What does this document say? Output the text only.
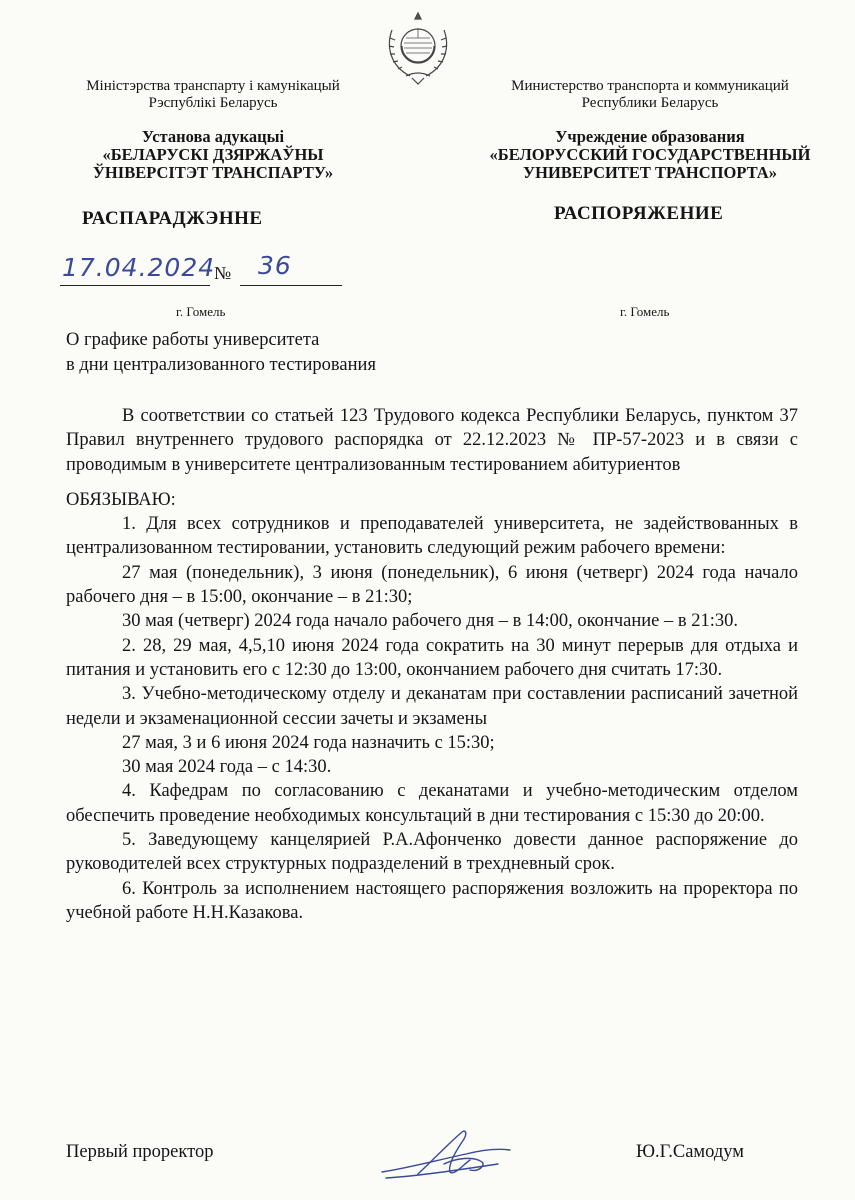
Міністэрства транспарту і камунікацый
Рэспублікі Беларусь
Установа адукацыі
«БЕЛАРУСКІ ДЗЯРЖАЎНЫ
ЎНІВЕРСІТЭТ ТРАНСПАРТУ»
РАСПАРАДЖЭННЕ
Министерство транспорта и коммуникаций
Республики Беларусь
Учреждение образования
«БЕЛОРУССКИЙ ГОСУДАРСТВЕННЫЙ
УНИВЕРСИТЕТ ТРАНСПОРТА»
РАСПОРЯЖЕНИЕ
17.04.2024
№ 36
г. Гомель	г. Гомель
О графике работы университета
в дни централизованного тестирования

В соответствии со статьей 123 Трудового кодекса Республики Беларусь, пунктом 37 Правил внутреннего трудового распорядка от 22.12.2023 № ПР-57-2023 и в связи с проводимым в университете централизованным тестированием абитуриентов

ОБЯЗЫВАЮ:

1. Для всех сотрудников и преподавателей университета, не задействованных в централизованном тестировании, установить следующий режим рабочего времени:

27 мая (понедельник), 3 июня (понедельник), 6 июня (четверг) 2024 года начало рабочего дня – в 15:00, окончание – в 21:30;

30 мая (четверг) 2024 года начало рабочего дня – в 14:00, окончание – в 21:30.

2. 28, 29 мая, 4,5,10 июня 2024 года сократить на 30 минут перерыв для отдыха и питания и установить его с 12:30 до 13:00, окончанием рабочего дня считать 17:30.

3. Учебно-методическому отделу и деканатам при составлении расписаний зачетной недели и экзаменационной сессии зачеты и экзамены

27 мая, 3 и 6 июня 2024 года назначить с 15:30;

30 мая 2024 года – с 14:30.

4. Кафедрам по согласованию с деканатами и учебно-методическим отделом обеспечить проведение необходимых консультаций в дни тестирования с 15:30 до 20:00.

5. Заведующему канцелярией Р.А.Афонченко довести данное распоряжение до руководителей всех структурных подразделений в трехдневный срок.

6. Контроль за исполнением настоящего распоряжения возложить на проректора по учебной работе Н.Н.Казакова.

Первый проректор	Ю.Г.Самодум
